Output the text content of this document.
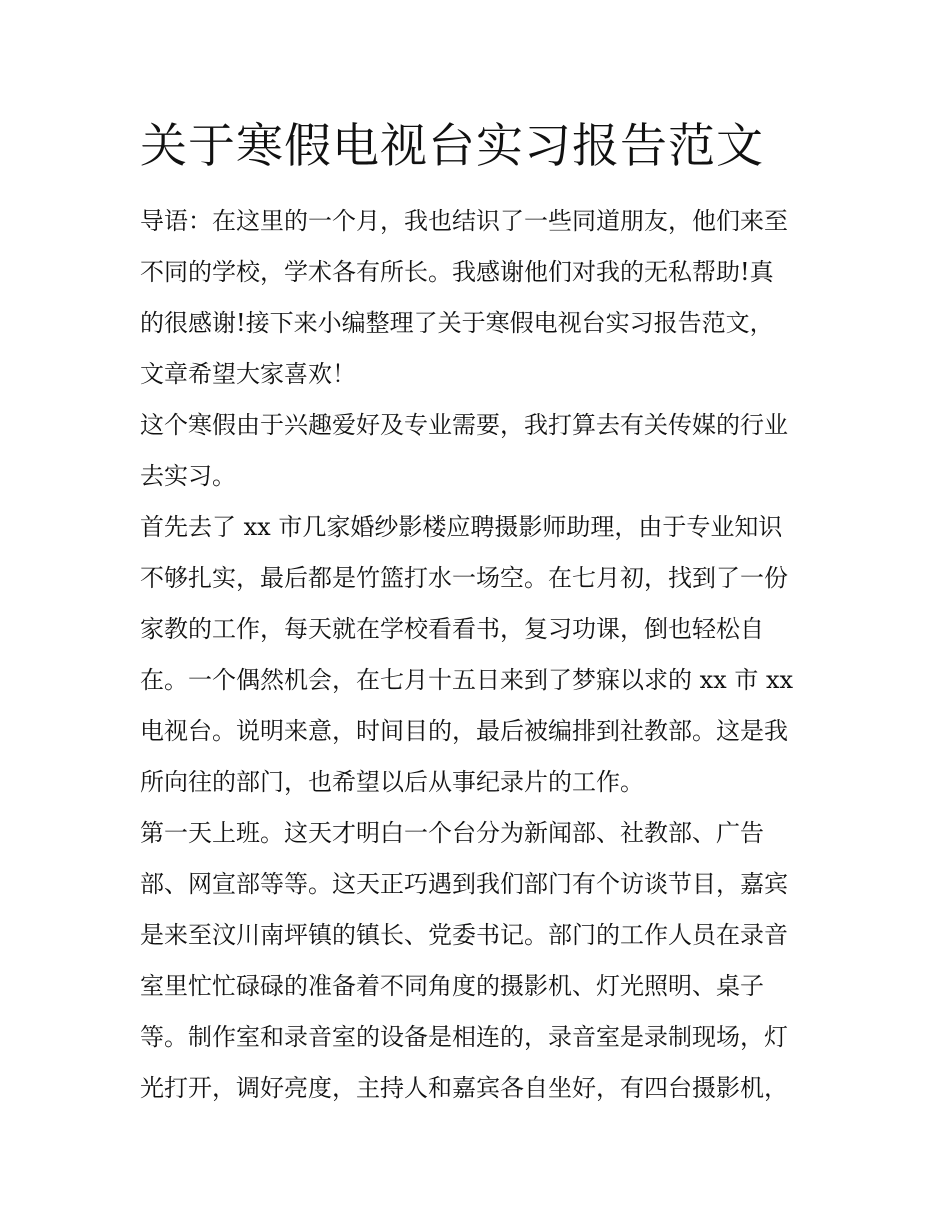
关于寒假电视台实习报告范文
导语：在这里的一个月，我也结识了一些同道朋友，他们来至
不同的学校，学术各有所长。我感谢他们对我的无私帮助!真
的很感谢!接下来小编整理了关于寒假电视台实习报告范文，
文章希望大家喜欢！
这个寒假由于兴趣爱好及专业需要，我打算去有关传媒的行业
去实习。
首先去了 xx 市几家婚纱影楼应聘摄影师助理，由于专业知识
不够扎实，最后都是竹篮打水一场空。在七月初，找到了一份
家教的工作，每天就在学校看看书，复习功课，倒也轻松自
在。一个偶然机会，在七月十五日来到了梦寐以求的 xx 市 xx
电视台。说明来意，时间目的，最后被编排到社教部。这是我
所向往的部门，也希望以后从事纪录片的工作。
第一天上班。这天才明白一个台分为新闻部、社教部、广告
部、网宣部等等。这天正巧遇到我们部门有个访谈节目，嘉宾
是来至汶川南坪镇的镇长、党委书记。部门的工作人员在录音
室里忙忙碌碌的准备着不同角度的摄影机、灯光照明、桌子
等。制作室和录音室的设备是相连的，录音室是录制现场，灯
光打开，调好亮度，主持人和嘉宾各自坐好，有四台摄影机，
